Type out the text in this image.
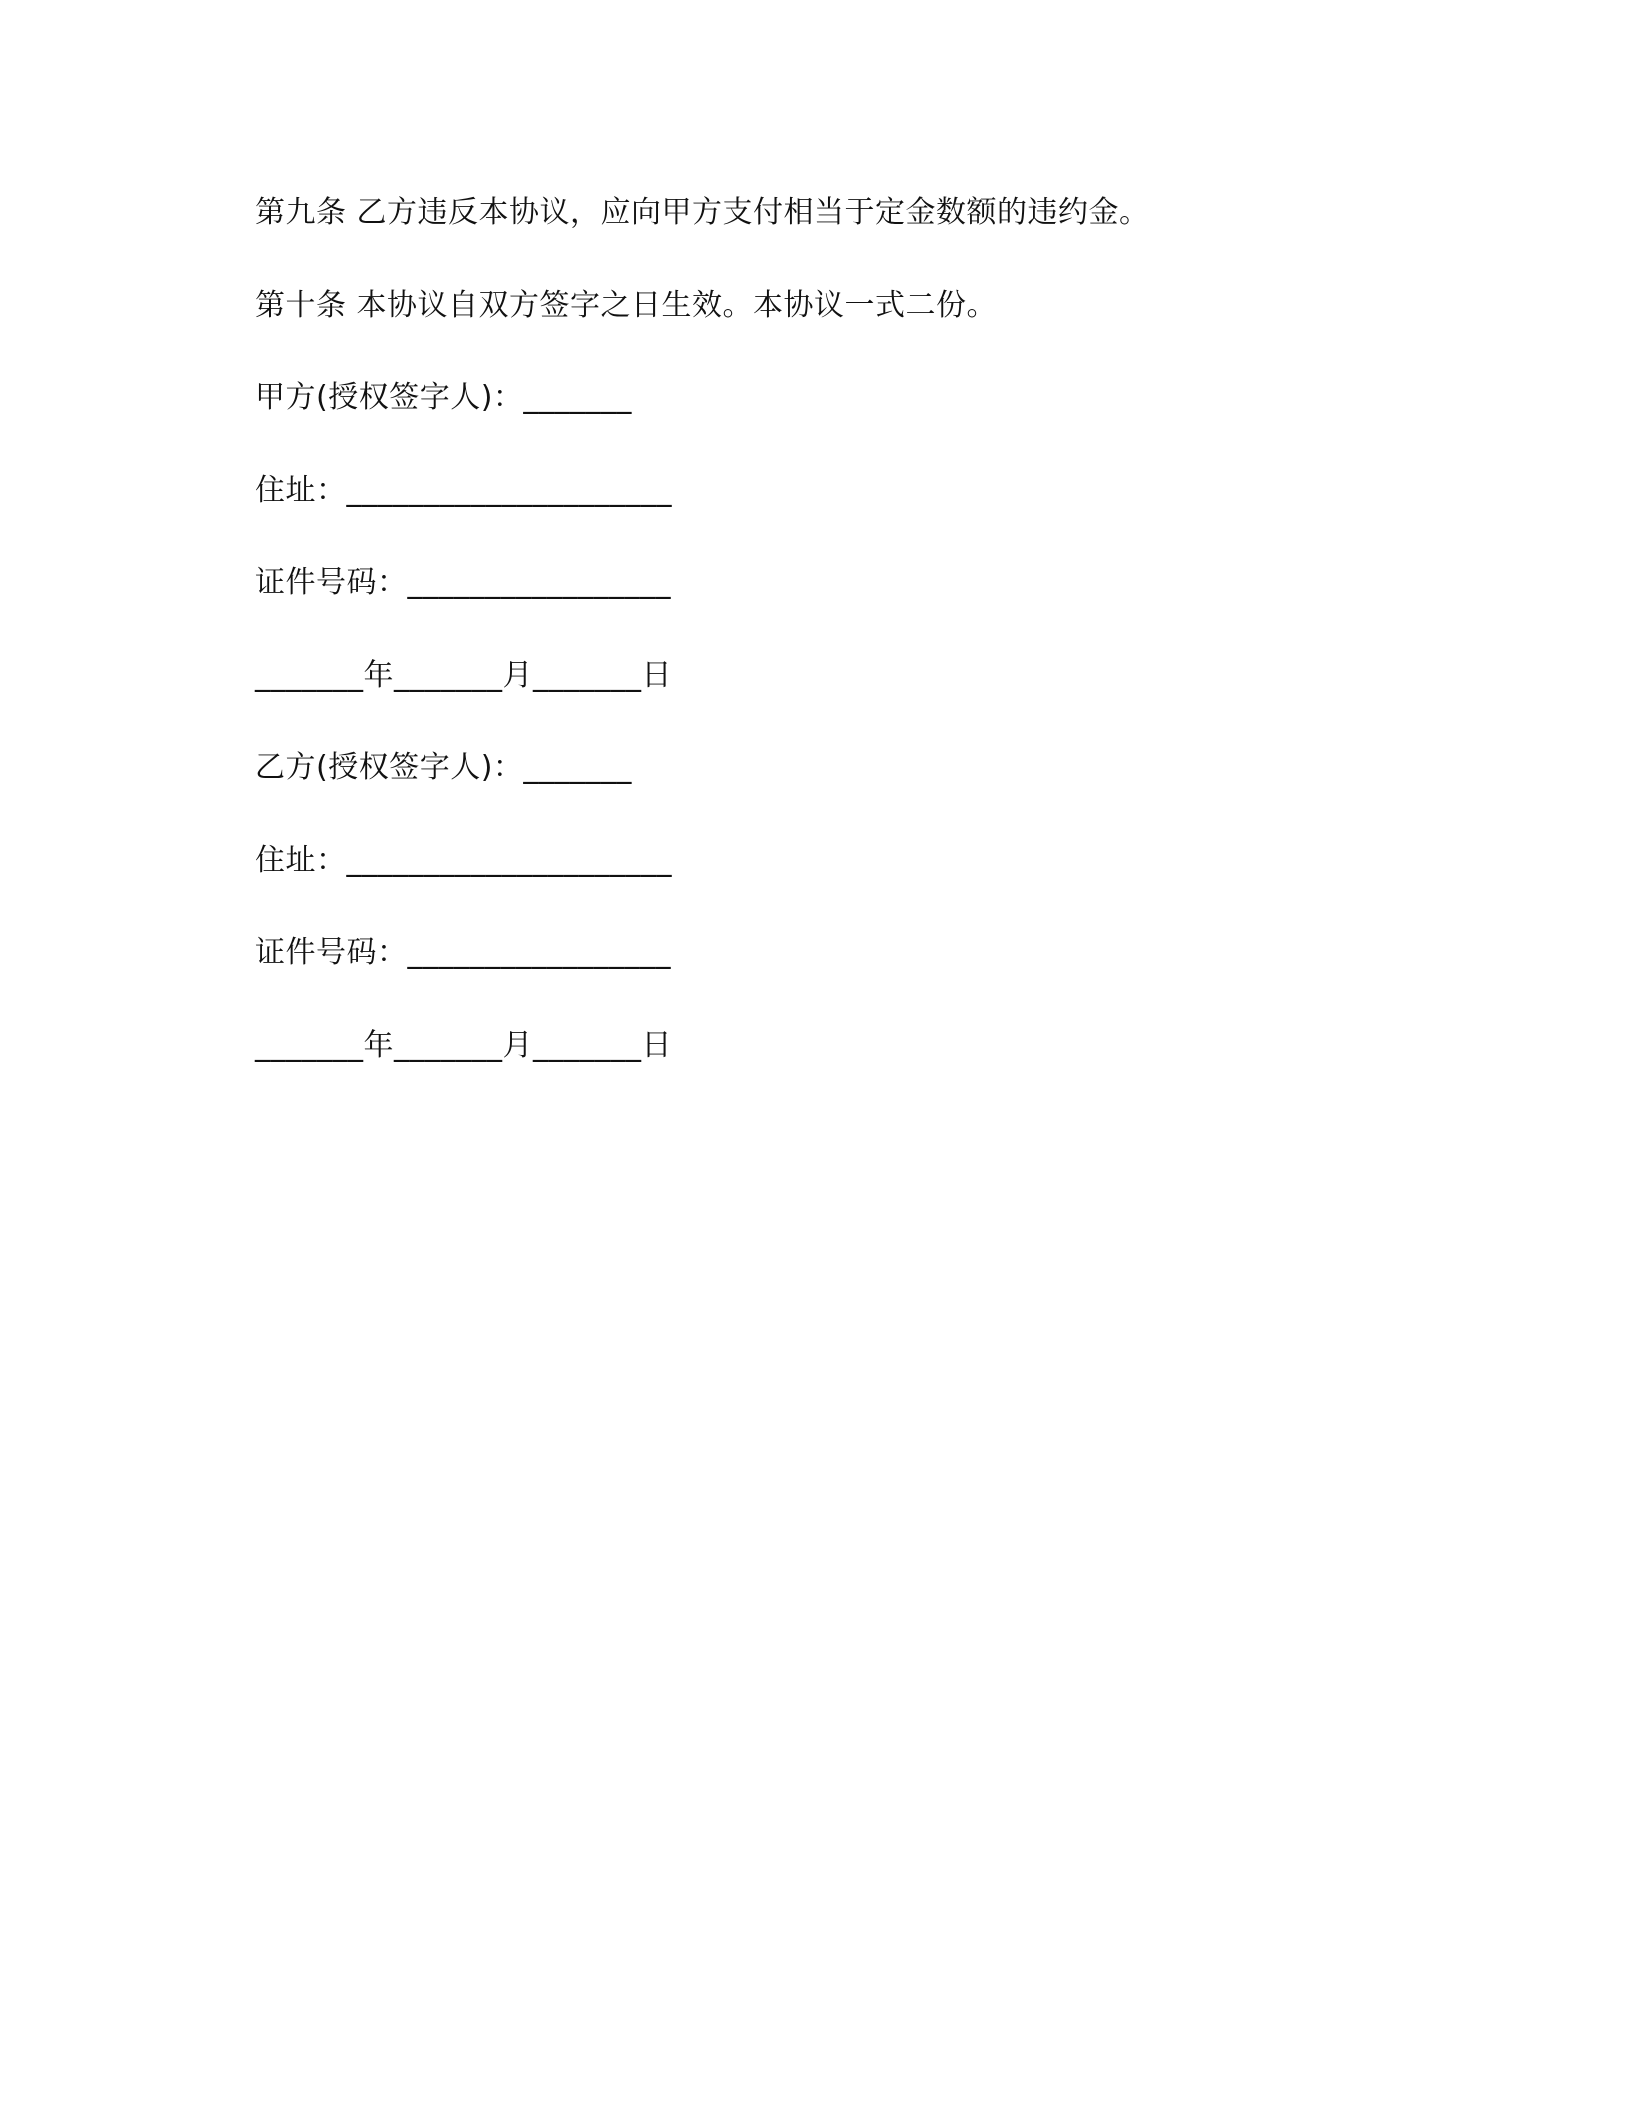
第九条 乙方违反本协议，应向甲方支付相当于定金数额的违约金。
第十条 本协议自双方签字之日生效。本协议一式二份。
甲方(授权签字人)：_______
住址：_____________________
证件号码：_________________
_______年_______月_______日
乙方(授权签字人)：_______
住址：_____________________
证件号码：_________________
_______年_______月_______日
